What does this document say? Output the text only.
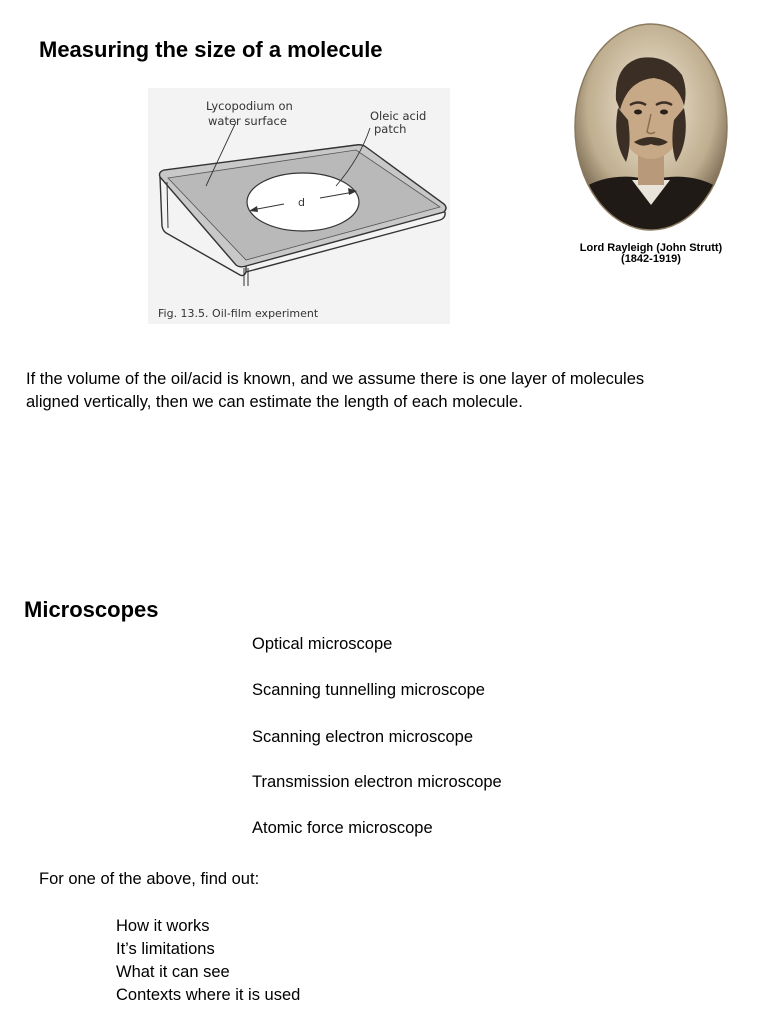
Measuring the size of a molecule
d
Lycopodium on
water surface	Oleic acid
patch
Fig. 13.5. Oil-film experiment
Lord Rayleigh (John Strutt)
(1842-1919)
If the volume of the oil/acid is known, and we assume there is one layer of molecules
aligned vertically, then we can estimate the length of each molecule.
Microscopes
Optical microscope
Scanning tunnelling microscope
Scanning electron microscope
Transmission electron microscope
Atomic force microscope
For one of the above, find out:
How it works
It’s limitations
What it can see
Contexts where it is used
